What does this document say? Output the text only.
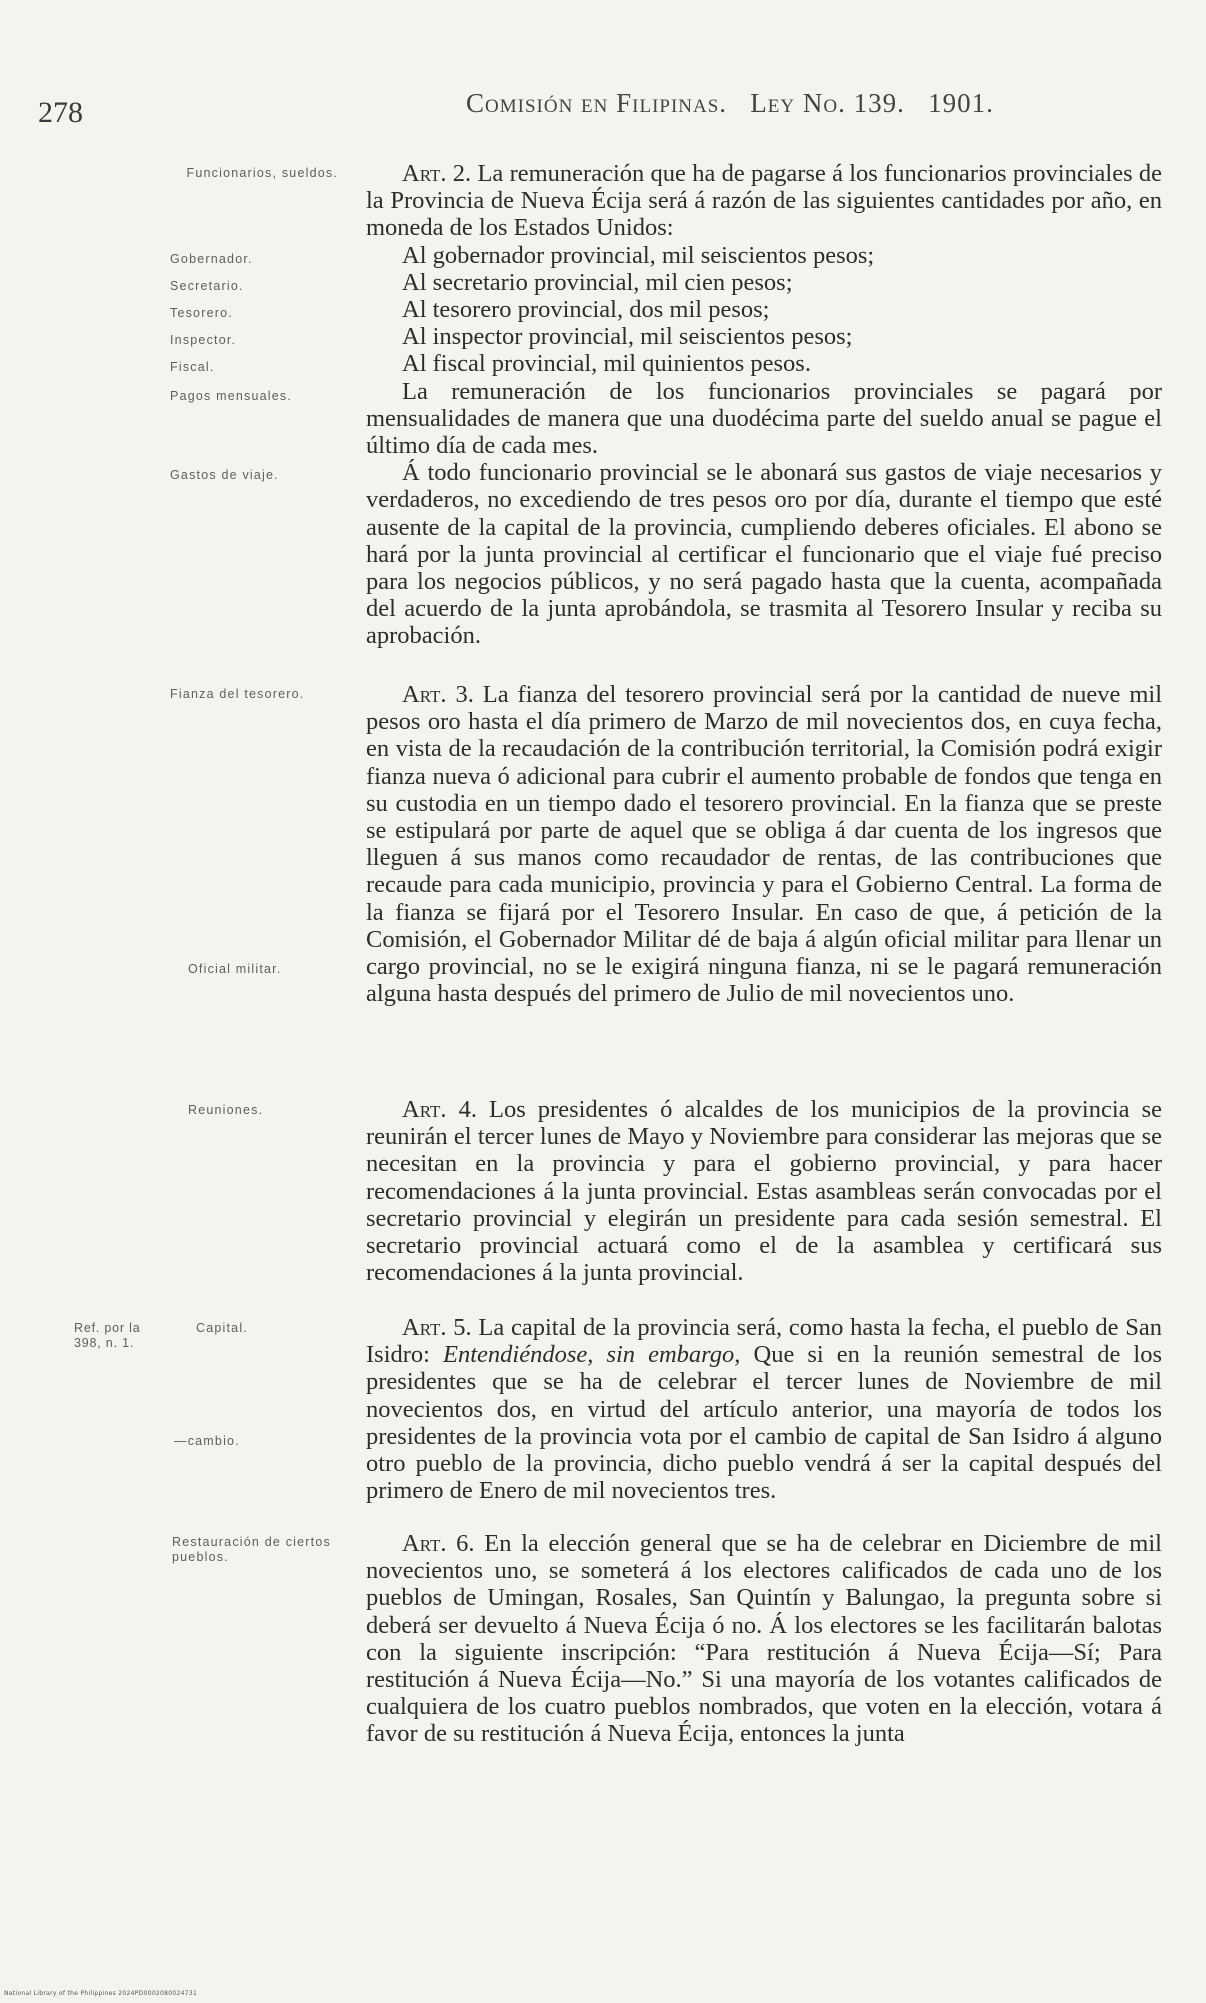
278	Comisión en Filipinas. Ley No. 139. 1901.
Funcionarios, sueldos.
Gobernador.
Secretario.
Tesorero.
Inspector.
Fiscal.
Pagos mensuales.
Gastos de viaje.
Fianza del tesorero.
Oficial militar.
Reuniones.
Ref. por la 398, n. 1.
Capital.
—cambio.
Restauración de ciertos pueblos.

Art. 2. La remuneración que ha de pagarse á los funcionarios provinciales de la Provincia de Nueva Écija será á razón de las siguientes cantidades por año, en moneda de los Estados Unidos:

Al gobernador provincial, mil seiscientos pesos;

Al secretario provincial, mil cien pesos;

Al tesorero provincial, dos mil pesos;

Al inspector provincial, mil seiscientos pesos;

Al fiscal provincial, mil quinientos pesos.

La remuneración de los funcionarios provinciales se pagará por mensualidades de manera que una duodécima parte del sueldo anual se pague el último día de cada mes.

Á todo funcionario provincial se le abonará sus gastos de viaje necesarios y verdaderos, no excediendo de tres pesos oro por día, durante el tiempo que esté ausente de la capital de la provincia, cumpliendo deberes oficiales. El abono se hará por la junta provincial al certificar el funcionario que el viaje fué preciso para los negocios públicos, y no será pagado hasta que la cuenta, acompañada del acuerdo de la junta aprobándola, se trasmita al Tesorero Insular y reciba su aprobación.

Art. 3. La fianza del tesorero provincial será por la cantidad de nueve mil pesos oro hasta el día primero de Marzo de mil novecientos dos, en cuya fecha, en vista de la recaudación de la contribución territorial, la Comisión podrá exigir fianza nueva ó adicional para cubrir el aumento probable de fondos que tenga en su custodia en un tiempo dado el tesorero provincial. En la fianza que se preste se estipulará por parte de aquel que se obliga á dar cuenta de los ingresos que lleguen á sus manos como recaudador de rentas, de las contribuciones que recaude para cada municipio, provincia y para el Gobierno Central. La forma de la fianza se fijará por el Tesorero Insular. En caso de que, á petición de la Comisión, el Gobernador Militar dé de baja á algún oficial militar para llenar un cargo provincial, no se le exigirá ninguna fianza, ni se le pagará remuneración alguna hasta después del primero de Julio de mil novecientos uno.

Art. 4. Los presidentes ó alcaldes de los municipios de la provincia se reunirán el tercer lunes de Mayo y Noviembre para considerar las mejoras que se necesitan en la provincia y para el gobierno provincial, y para hacer recomendaciones á la junta provincial. Estas asambleas serán convocadas por el secretario provincial y elegirán un presidente para cada sesión semestral. El secretario provincial actuará como el de la asamblea y certificará sus recomendaciones á la junta provincial.

Art. 5. La capital de la provincia será, como hasta la fecha, el pueblo de San Isidro: Entendiéndose, sin embargo, Que si en la reunión semestral de los presidentes que se ha de celebrar el tercer lunes de Noviembre de mil novecientos dos, en virtud del artículo anterior, una mayoría de todos los presidentes de la provincia vota por el cambio de capital de San Isidro á alguno otro pueblo de la provincia, dicho pueblo vendrá á ser la capital después del primero de Enero de mil novecientos tres.

Art. 6. En la elección general que se ha de celebrar en Diciembre de mil novecientos uno, se someterá á los electores calificados de cada uno de los pueblos de Umingan, Rosales, San Quintín y Balungao, la pregunta sobre si deberá ser devuelto á Nueva Écija ó no. Á los electores se les facilitarán balotas con la siguiente inscripción: “Para restitución á Nueva Écija—Sí; Para restitución á Nueva Écija—No.” Si una mayoría de los votantes calificados de cualquiera de los cuatro pueblos nombrados, que voten en la elección, votara á favor de su restitución á Nueva Écija, entonces la junta

National Library of the Philippines 2024PD0002080024731
